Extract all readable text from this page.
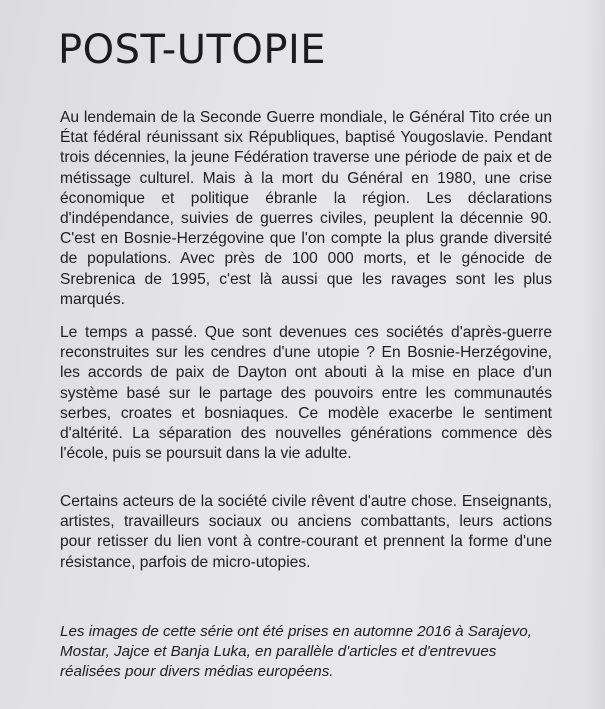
POST-UTOPIE

Au lendemain de la Seconde Guerre mondiale, le Général Tito crée un État fédéral réunissant six Républiques, baptisé Yougoslavie. Pendant trois décennies, la jeune Fédération traverse une période de paix et de métissage culturel. Mais à la mort du Général en 1980, une crise économique et politique ébranle la région. Les déclarations d'indépendance, suivies de guerres civiles, peuplent la décennie 90. C'est en Bosnie-Herzégovine que l'on compte la plus grande diversité de populations. Avec près de 100 000 morts, et le génocide de Srebrenica de 1995, c'est là aussi que les ravages sont les plus marqués.

Le temps a passé. Que sont devenues ces sociétés d'après-guerre reconstruites sur les cendres d'une utopie ? En Bosnie-Herzégovine, les accords de paix de Dayton ont abouti à la mise en place d'un système basé sur le partage des pouvoirs entre les communautés serbes, croates et bosniaques. Ce modèle exacerbe le sentiment d'altérité. La séparation des nouvelles générations commence dès l'école, puis se poursuit dans la vie adulte.

Certains acteurs de la société civile rêvent d'autre chose. Enseignants, artistes, travailleurs sociaux ou anciens combattants, leurs actions pour retisser du lien vont à contre-courant et prennent la forme d'une résistance, parfois de micro-utopies.

Les images de cette série ont été prises en automne 2016 à Sarajevo, Mostar, Jajce et Banja Luka, en parallèle d'articles et d'entrevues réalisées pour divers médias européens.
